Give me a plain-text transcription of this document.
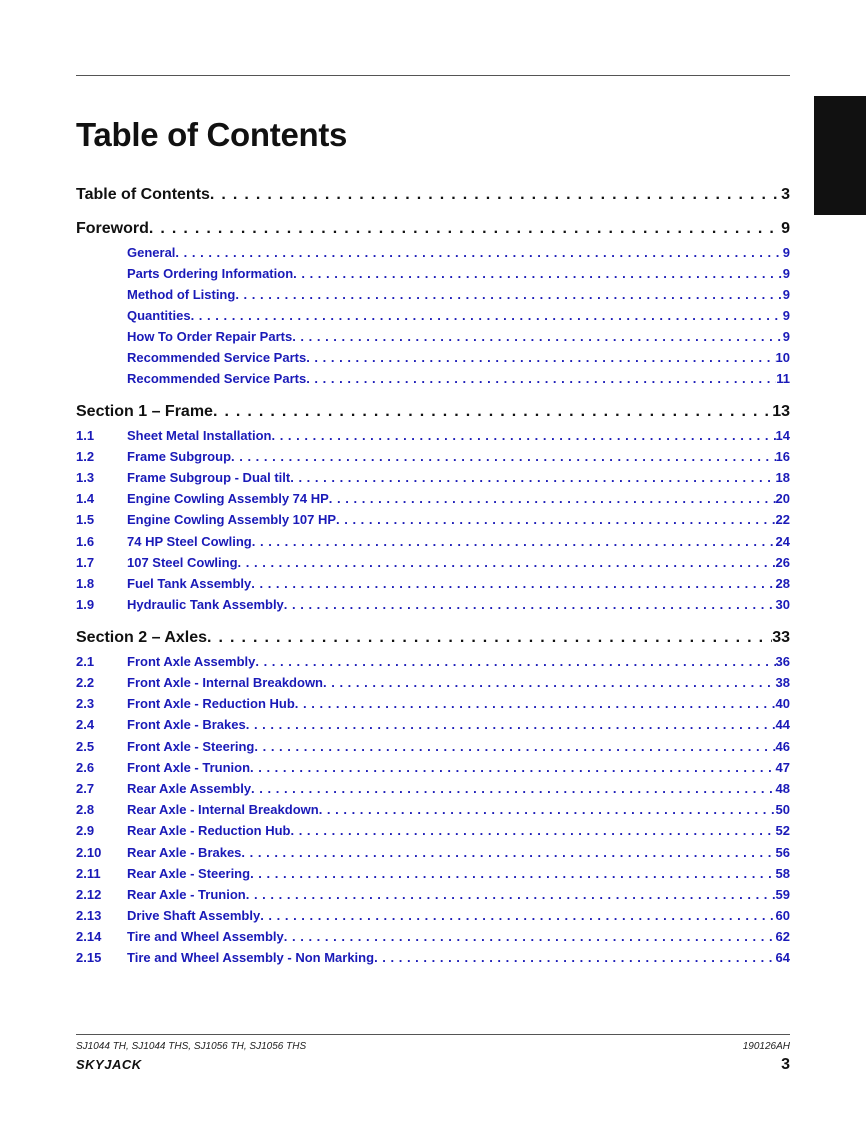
Table of Contents
Table of Contents . . .	3
Foreword . . .	9
General . . .	9
Parts Ordering Information . . .	9
Method of Listing . . .	9
Quantities . . .	9
How To Order Repair Parts . . .	9
Recommended Service Parts . . .	10
Recommended Service Parts . . .	11
Section 1 – Frame . . .	13
1.1	Sheet Metal Installation . . .	14
1.2	Frame Subgroup . . .	16
1.3	Frame Subgroup - Dual tilt . . .	18
1.4	Engine Cowling Assembly 74 HP . . .	20
1.5	Engine Cowling Assembly 107 HP . . .	22
1.6	74 HP Steel Cowling . . .	24
1.7	107 Steel Cowling . . .	26
1.8	Fuel Tank Assembly . . .	28
1.9	Hydraulic Tank Assembly . . .	30
Section 2 – Axles . . .	33
2.1	Front Axle Assembly . . .	36
2.2	Front Axle - Internal Breakdown . . .	38
2.3	Front Axle - Reduction Hub . . .	40
2.4	Front Axle - Brakes . . .	44
2.5	Front Axle - Steering . . .	46
2.6	Front Axle - Trunion . . .	47
2.7	Rear Axle Assembly . . .	48
2.8	Rear Axle - Internal Breakdown . . .	50
2.9	Rear Axle - Reduction Hub . . .	52
2.10	Rear Axle - Brakes . . .	56
2.11	Rear Axle - Steering . . .	58
2.12	Rear Axle - Trunion . . .	59
2.13	Drive Shaft Assembly . . .	60
2.14	Tire and Wheel Assembly . . .	62
2.15	Tire and Wheel Assembly - Non Marking . . .	64
SJ1044 TH, SJ1044 THS, SJ1056 TH, SJ1056 THS	190126AH
SKYJACK	3
